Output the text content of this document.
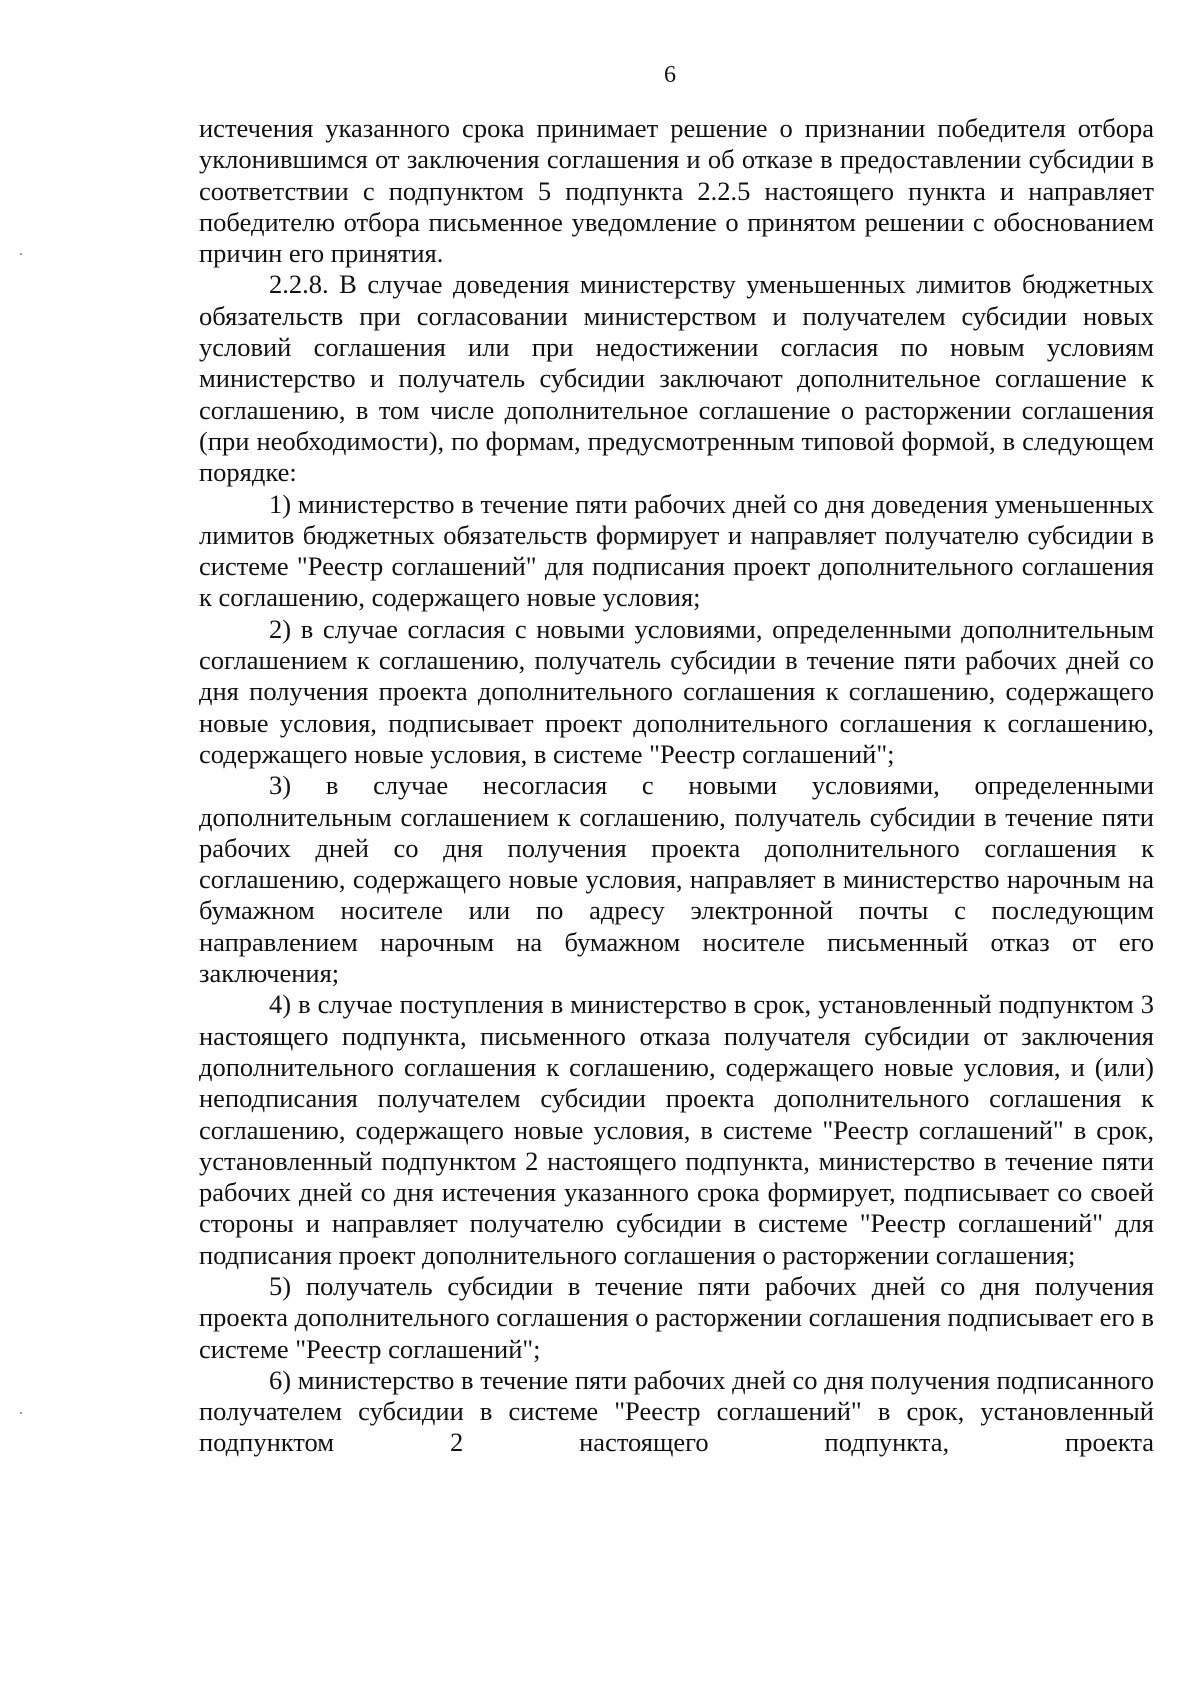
6

истечения указанного срока принимает решение о признании победителя отбора уклонившимся от заключения соглашения и об отказе в предоставлении субсидии в соответствии с подпунктом 5 подпункта 2.2.5 настоящего пункта и направляет победителю отбора письменное уведомление о принятом решении с обоснованием причин его принятия.

2.2.8. В случае доведения министерству уменьшенных лимитов бюджетных обязательств при согласовании министерством и получателем субсидии новых условий соглашения или при недостижении согласия по новым условиям министерство и получатель субсидии заключают дополнительное соглашение к соглашению, в том числе дополнительное соглашение о расторжении соглашения (при необходимости), по формам, предусмотренным типовой формой, в следующем порядке:

1) министерство в течение пяти рабочих дней со дня доведения уменьшенных лимитов бюджетных обязательств формирует и направляет получателю субсидии в системе "Реестр соглашений" для подписания проект дополнительного соглашения к соглашению, содержащего новые условия;

2) в случае согласия с новыми условиями, определенными дополнительным соглашением к соглашению, получатель субсидии в течение пяти рабочих дней со дня получения проекта дополнительного соглашения к соглашению, содержащего новые условия, подписывает проект дополнительного соглашения к соглашению, содержащего новые условия, в системе "Реестр соглашений";

3) в случае несогласия с новыми условиями, определенными дополнительным соглашением к соглашению, получатель субсидии в течение пяти рабочих дней со дня получения проекта дополнительного соглашения к соглашению, содержащего новые условия, направляет в министерство нарочным на бумажном носителе или по адресу электронной почты с последующим направлением нарочным на бумажном носителе письменный отказ от его заключения;

4) в случае поступления в министерство в срок, установленный подпунктом 3 настоящего подпункта, письменного отказа получателя субсидии от заключения дополнительного соглашения к соглашению, содержащего новые условия, и (или) неподписания получателем субсидии проекта дополнительного соглашения к соглашению, содержащего новые условия, в системе "Реестр соглашений" в срок, установленный подпунктом 2 настоящего подпункта, министерство в течение пяти рабочих дней со дня истечения указанного срока формирует, подписывает со своей стороны и направляет получателю субсидии в системе "Реестр соглашений" для подписания проект дополнительного соглашения о расторжении соглашения;

5) получатель субсидии в течение пяти рабочих дней со дня получения проекта дополнительного соглашения о расторжении соглашения подписывает его в системе "Реестр соглашений";

6) министерство в течение пяти рабочих дней со дня получения подписанного получателем субсидии в системе "Реестр соглашений" в срок, установленный подпунктом 2 настоящего подпункта, проекта
